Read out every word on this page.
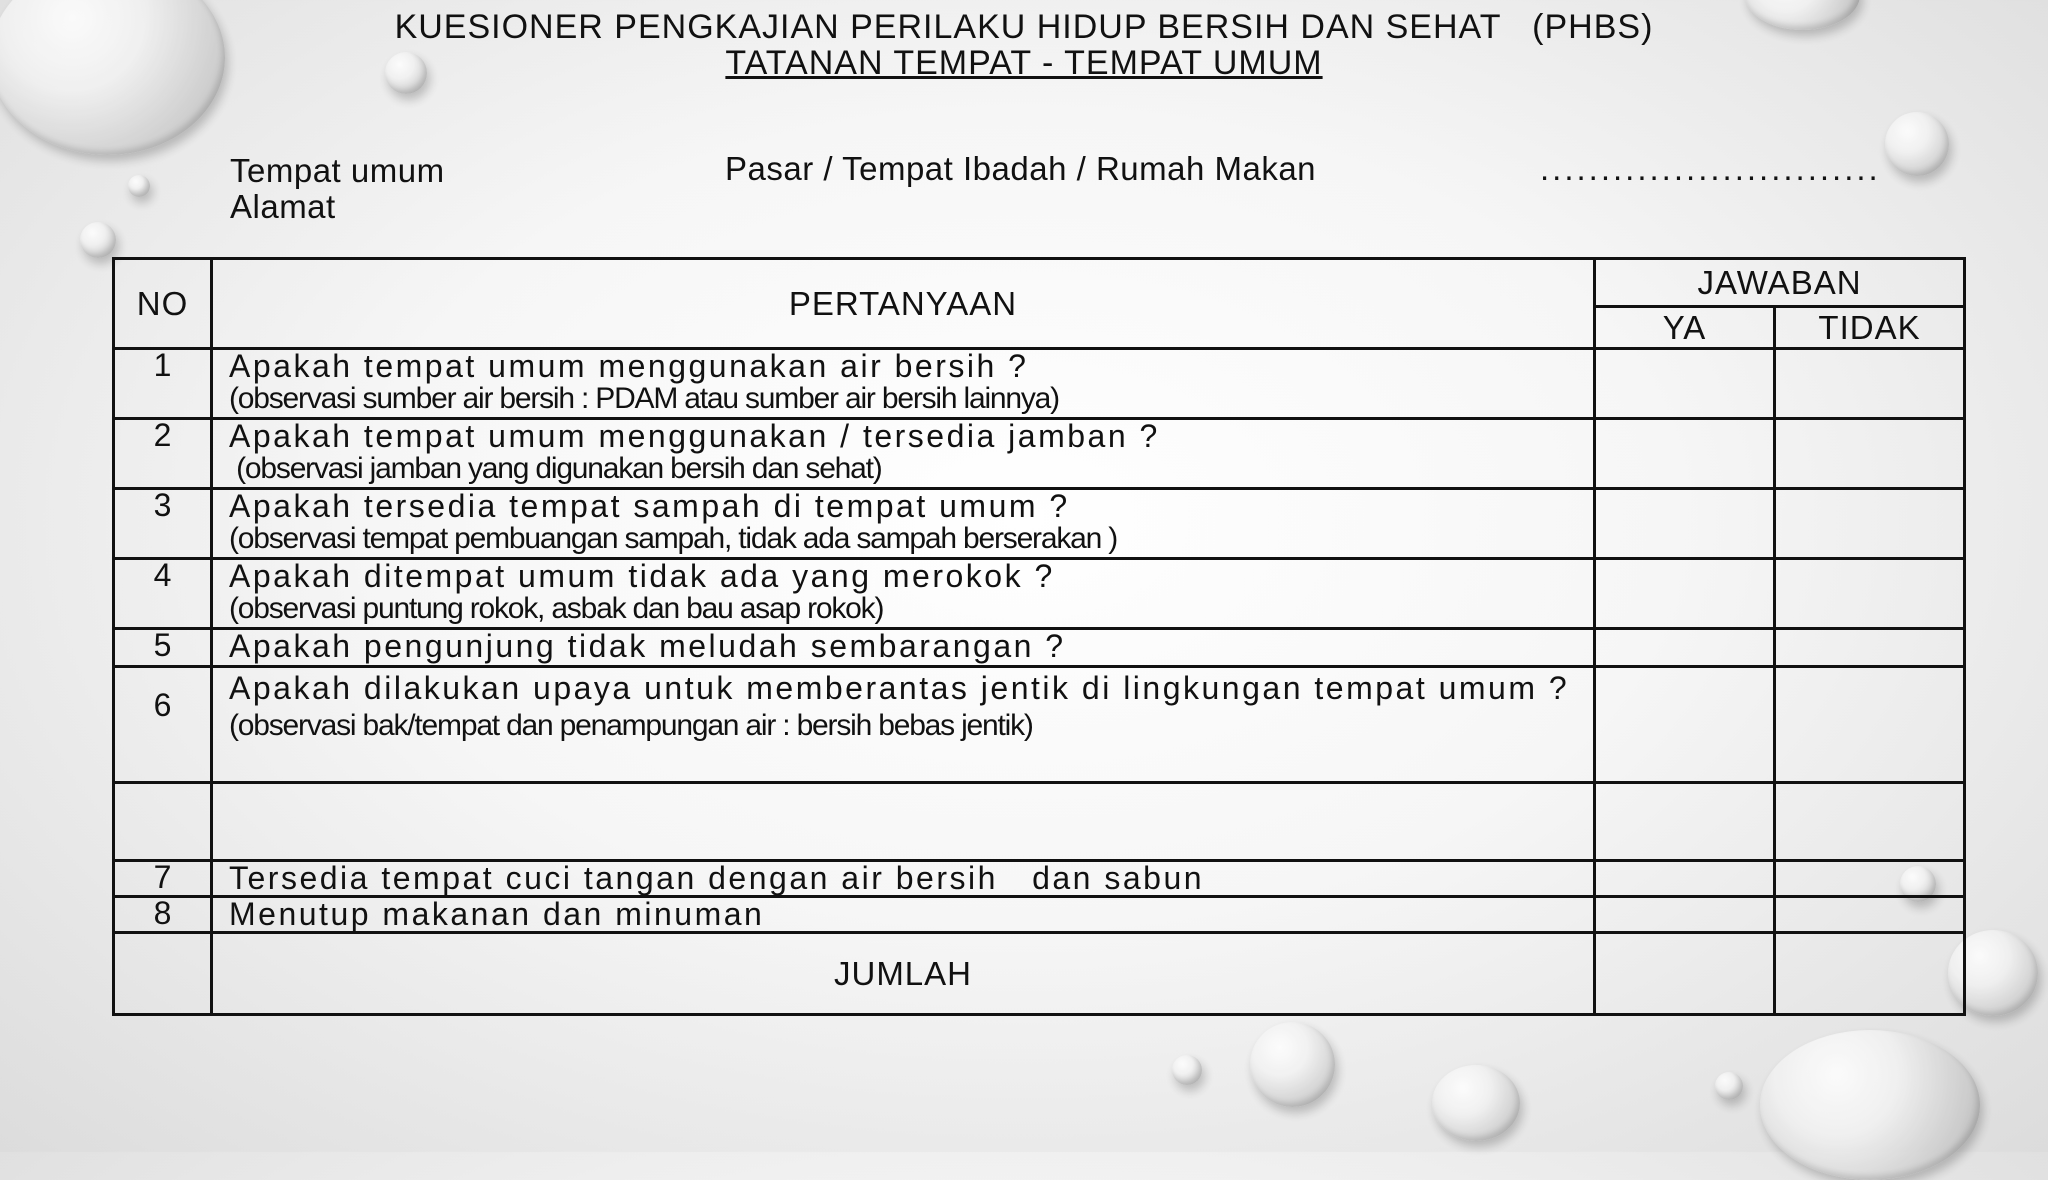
KUESIONER PENGKAJIAN PERILAKU HIDUP BERSIH DAN SEHAT   (PHBS)
TATANAN TEMPAT - TEMPAT UMUM
Tempat umum
Alamat
Pasar / Tempat Ibadah / Rumah Makan	............................
NO	PERTANYAAN	JAWABAN	
		YA	TIDAK
1	Apakah tempat umum menggunakan air bersih ?
(observasi sumber air bersih : PDAM atau sumber air bersih lainnya)		

2	Apakah tempat umum menggunakan / tersedia jamban ?
(observasi jamban yang digunakan bersih dan sehat)		

3	Apakah tersedia tempat sampah di tempat umum ?
(observasi tempat pembuangan sampah, tidak ada sampah berserakan )		

4	Apakah ditempat umum tidak ada yang merokok ?
(observasi puntung rokok, asbak dan bau asap rokok)		

5	Apakah pengunjung tidak meludah sembarangan ?		

6	Apakah dilakukan upaya untuk memberantas jentik di lingkungan tempat umum ?
(observasi bak/tempat dan penampungan air : bersih bebas jentik)		

7	Tersedia tempat cuci tangan dengan air bersih   dan sabun		

8	Menutup makanan dan minuman		

	JUMLAH		
